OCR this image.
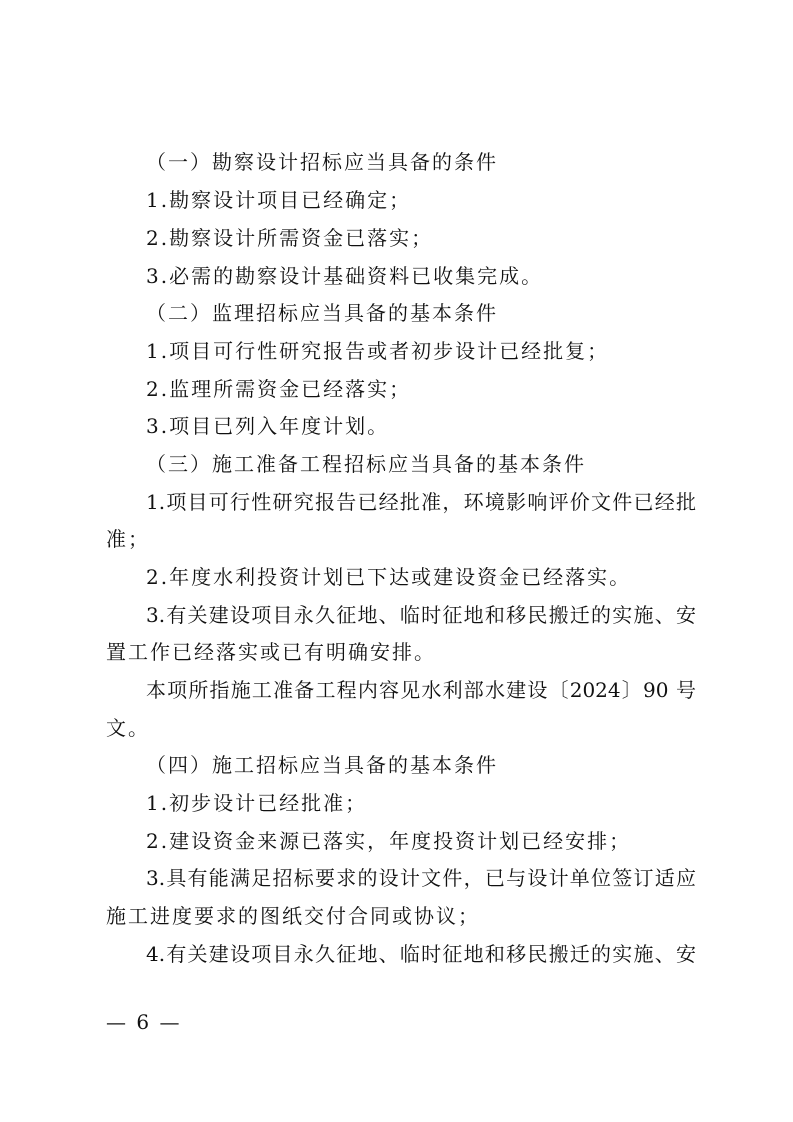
（一）勘察设计招标应当具备的条件
1.勘察设计项目已经确定；
2.勘察设计所需资金已落实；
3.必需的勘察设计基础资料已收集完成。
（二）监理招标应当具备的基本条件
1.项目可行性研究报告或者初步设计已经批复；
2.监理所需资金已经落实；
3.项目已列入年度计划。
（三）施工准备工程招标应当具备的基本条件
1.项目可行性研究报告已经批准，环境影响评价文件已经批
准；
2.年度水利投资计划已下达或建设资金已经落实。
3.有关建设项目永久征地、临时征地和移民搬迁的实施、安
置工作已经落实或已有明确安排。
本项所指施工准备工程内容见水利部水建设〔2024〕90 号
文。
（四）施工招标应当具备的基本条件
1.初步设计已经批准；
2.建设资金来源已落实，年度投资计划已经安排；
3.具有能满足招标要求的设计文件，已与设计单位签订适应
施工进度要求的图纸交付合同或协议；
4.有关建设项目永久征地、临时征地和移民搬迁的实施、安
— 6 —
